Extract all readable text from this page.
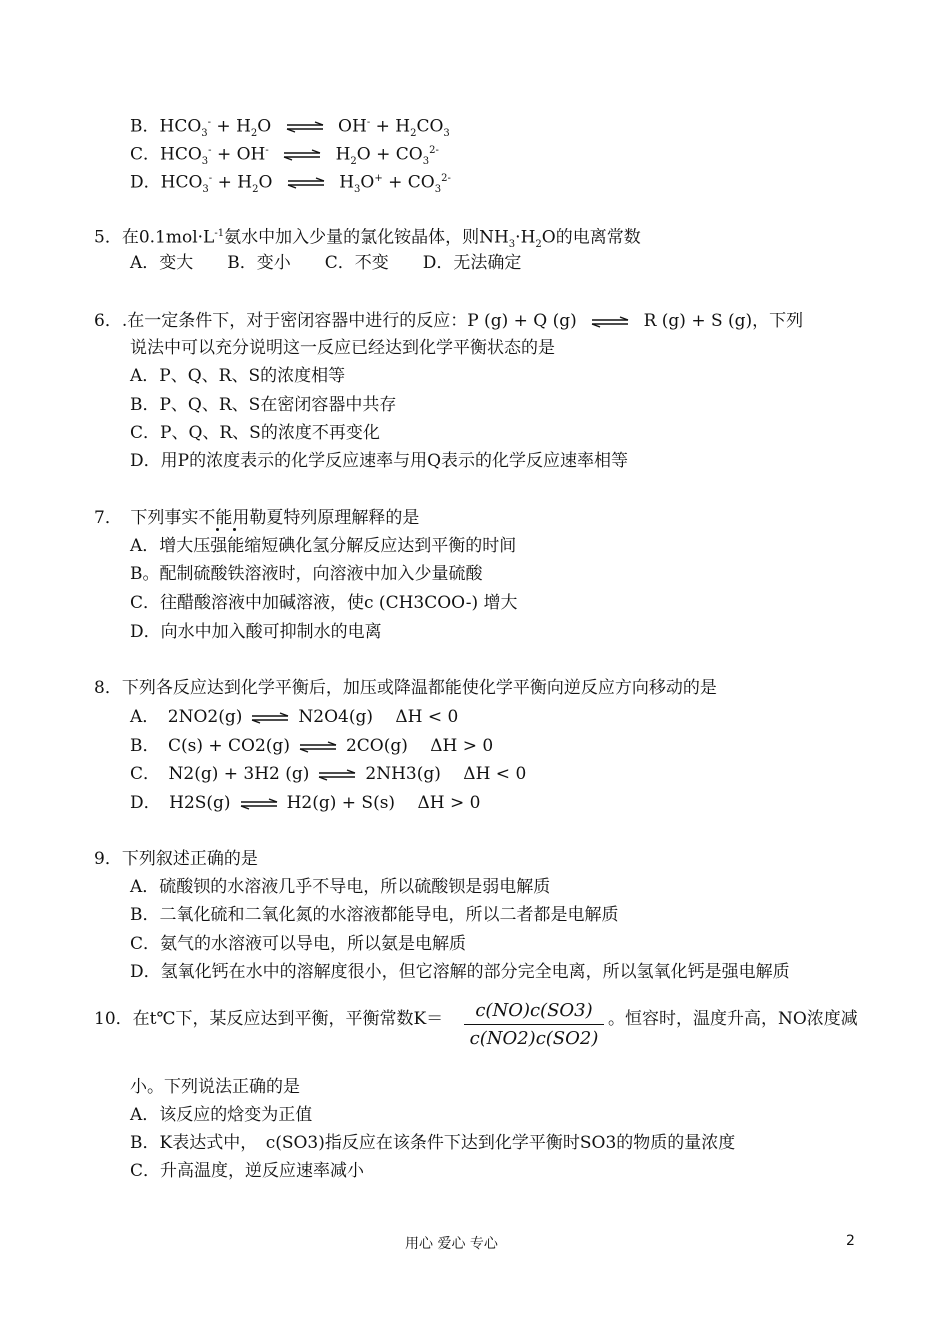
B．$HCO_3^- + H_2O$	$OH^- + H_2CO_3$
C．$HCO_3^- + OH^-$	$H_2O + CO_3^{2-}$
D．$HCO_3^- + H_2O$	$H_3O^+ + CO_3^{2-}$
5．在$0.1mol\cdot L^{-1}$氨水中加入少量的氯化铵晶体，则$NH_3\cdot H_2O$的电离常数
A．变大　　B．变小　　C．不变　　D．无法确定
6．.在一定条件下，对于密闭容器中进行的反应：P (g) + Q (g)	R (g) + S (g)，下列
说法中可以充分说明这一反应已经达到化学平衡状态的是
A．P、Q、R、S的浓度相等
B．P、Q、R、S在密闭容器中共存
C．P、Q、R、S的浓度不再变化
D．用P的浓度表示的化学反应速率与用Q表示的化学反应速率相等
7．　下列事实不能用勒夏特列原理解释的是
A．增大压强能缩短碘化氢分解反应达到平衡的时间
B。配制硫酸铁溶液时，向溶液中加入少量硫酸
C．往醋酸溶液中加碱溶液，使c (CH3COO-) 增大
D．向水中加入酸可抑制水的电离
8．下列各反应达到化学平衡后，加压或降温都能使化学平衡向逆反应方向移动的是
A．　2NO2(g)	N2O4(g)　 ΔH < 0
B．　C(s) + CO2(g)	2CO(g)　 ΔH > 0
C．　N2(g) + 3H2 (g)	2NH3(g)　 ΔH < 0
D．　H2S(g)	H2(g) + S(s)　 ΔH > 0
9．下列叙述正确的是
A．硫酸钡的水溶液几乎不导电，所以硫酸钡是弱电解质
B．二氧化硫和二氧化氮的水溶液都能导电，所以二者都是电解质
C．氨气的水溶液可以导电，所以氨是电解质
D．氢氧化钙在水中的溶解度很小，但它溶解的部分完全电离，所以氢氧化钙是强电解质
10．在t℃下，某反应达到平衡，平衡常数$K= \frac{c(NO)c(SO3)}{c(NO2)c(SO2)}$ 。恒容时，温度升高，NO浓度减
小。下列说法正确的是
A．该反应的焓变为正值
B．K表达式中，　c(SO3)指反应在该条件下达到化学平衡时SO3的物质的量浓度
C．升高温度，逆反应速率减小
用心 爱心 专心	2
